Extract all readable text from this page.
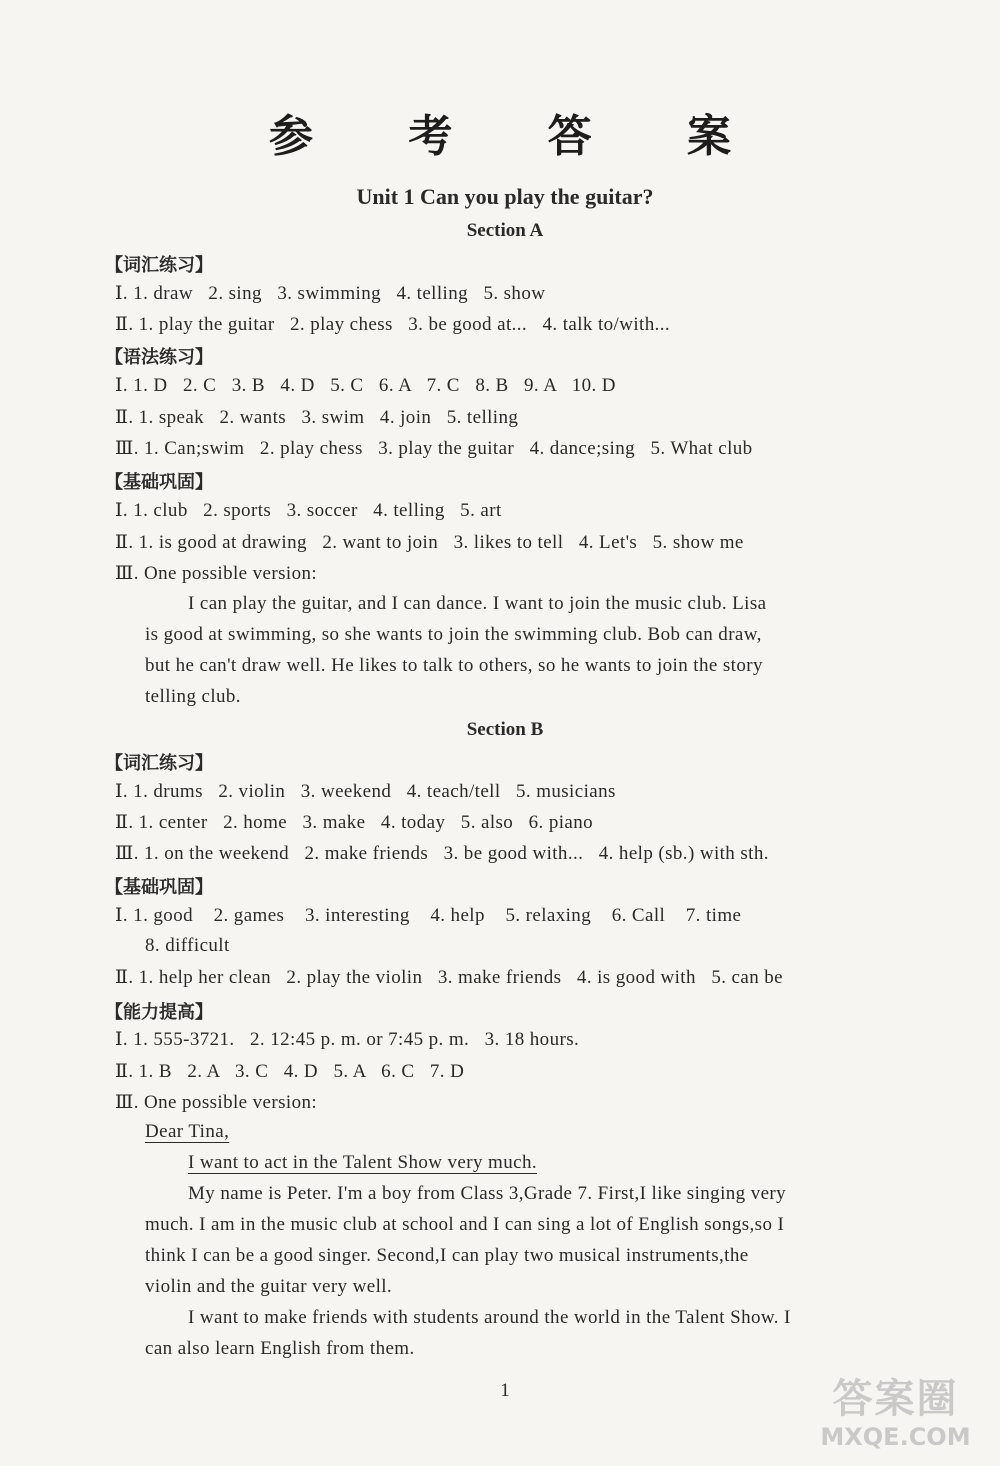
参 考 答 案
Unit 1 Can you play the guitar?
Section A
Section B
【词汇练习】
Ⅰ. 1. draw   2. sing   3. swimming   4. telling   5. show
Ⅱ. 1. play the guitar   2. play chess   3. be good at...   4. talk to/with...
【语法练习】
Ⅰ. 1. D   2. C   3. B   4. D   5. C   6. A   7. C   8. B   9. A   10. D
Ⅱ. 1. speak   2. wants   3. swim   4. join   5. telling
Ⅲ. 1. Can;swim   2. play chess   3. play the guitar   4. dance;sing   5. What club
【基础巩固】
Ⅰ. 1. club   2. sports   3. soccer   4. telling   5. art
Ⅱ. 1. is good at drawing   2. want to join   3. likes to tell   4. Let's   5. show me
Ⅲ. One possible version:
I can play the guitar, and I can dance. I want to join the music club. Lisa
is good at swimming, so she wants to join the swimming club. Bob can draw,
but he can't draw well. He likes to talk to others, so he wants to join the story
telling club.
【词汇练习】
Ⅰ. 1. drums   2. violin   3. weekend   4. teach/tell   5. musicians
Ⅱ. 1. center   2. home   3. make   4. today   5. also   6. piano
Ⅲ. 1. on the weekend   2. make friends   3. be good with...   4. help (sb.) with sth.
【基础巩固】
Ⅰ. 1. good    2. games    3. interesting    4. help    5. relaxing    6. Call    7. time
8. difficult
Ⅱ. 1. help her clean   2. play the violin   3. make friends   4. is good with   5. can be
【能力提高】
Ⅰ. 1. 555-3721.   2. 12:45 p. m. or 7:45 p. m.   3. 18 hours.
Ⅱ. 1. B   2. A   3. C   4. D   5. A   6. C   7. D
Ⅲ. One possible version:
Dear Tina,
I want to act in the Talent Show very much.
My name is Peter. I'm a boy from Class 3,Grade 7. First,I like singing very
much. I am in the music club at school and I can sing a lot of English songs,so I
think I can be a good singer. Second,I can play two musical instruments,the
violin and the guitar very well.
I want to make friends with students around the world in the Talent Show. I
can also learn English from them.
1	答案圈
MXQE.COM
